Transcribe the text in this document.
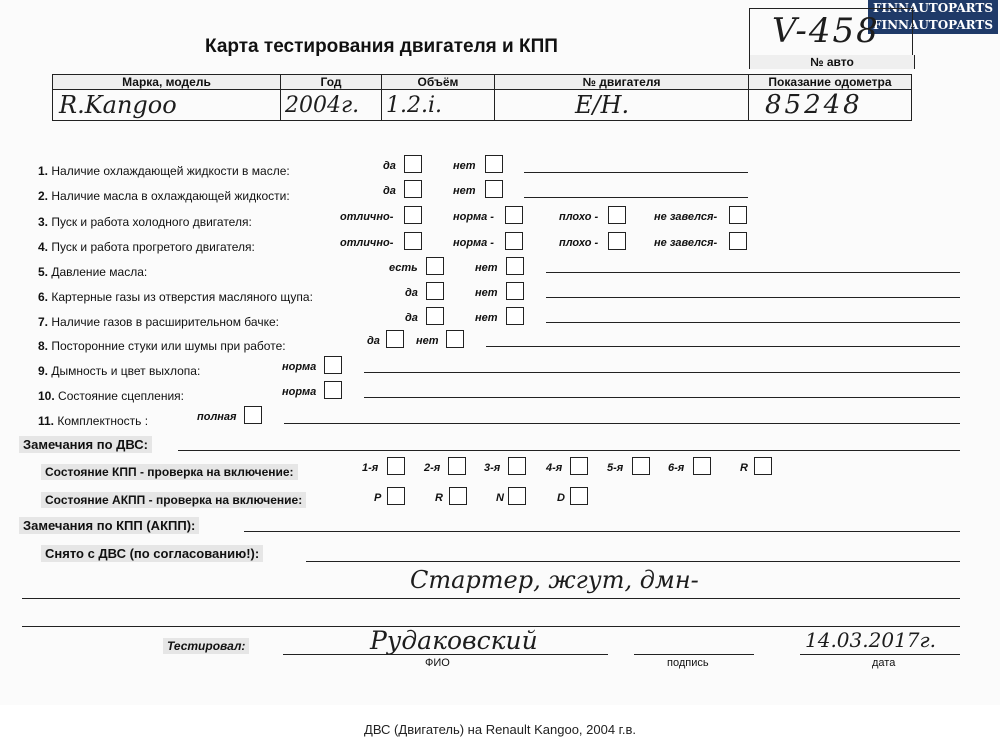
FINNAUTOPARTS
FINNAUTOPARTS
Карта тестирования двигателя и КПП	V-458
№ авто
Марка, модель	Год	Объём	№ двигателя	Показание одометра
R.Kangoo	2004г.	1.2.i.	E/H.	85248
1. Наличие охлаждающей жидкости в масле:	да	нет
2. Наличие масла в охлаждающей жидкости:	да	нет
3. Пуск и работа холодного двигателя:	отлично-	норма -	плохо -	не завелся-
4. Пуск и работа прогретого двигателя:	отлично-	норма -	плохо -	не завелся-
5. Давление масла:	есть	нет
6. Картерные газы из отверстия масляного щупа:	да	нет
7. Наличие газов в расширительном бачке:	да	нет
8. Посторонние стуки или шумы при работе:	да	нет
9. Дымность и цвет выхлопа:	норма
10. Состояние сцепления:	норма
11. Комплектность :	полная
Замечания по ДВС:
Состояние КПП - проверка на включение:	1-я	2-я	3-я	4-я	5-я	6-я	R
Состояние АКПП - проверка на включение:	P	R	N	D
Замечания по КПП (АКПП):
Снято с ДВС (по согласованию!):
Стартер, жгут, дмн-
Тестировал:	Рудаковский	14.03.2017г.
ФИО	подпись	дата
ДВС (Двигатель) на Renault Kangoo, 2004 г.в.
